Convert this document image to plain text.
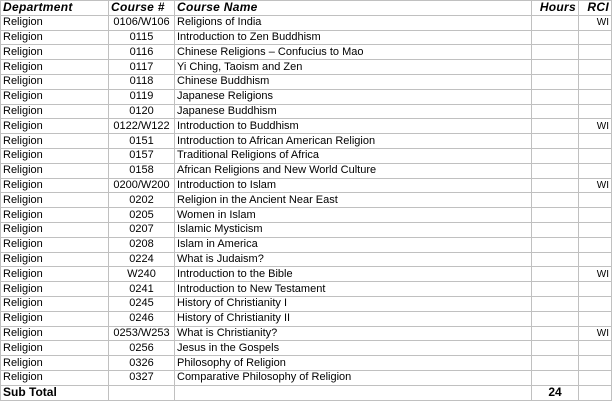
Department	Course #	Course Name	Hours	RCI
Religion	0106/W106	Religions of India		WI
Religion	0115	Introduction to Zen Buddhism		
Religion	0116	Chinese Religions – Confucius to Mao		
Religion	0117	Yi Ching, Taoism and Zen		
Religion	0118	Chinese Buddhism		
Religion	0119	Japanese Religions		
Religion	0120	Japanese Buddhism		
Religion	0122/W122	Introduction to Buddhism		WI
Religion	0151	Introduction to African American Religion		
Religion	0157	Traditional Religions of Africa		
Religion	0158	African Religions and New World Culture		
Religion	0200/W200	Introduction to Islam		WI
Religion	0202	Religion in the Ancient Near East		
Religion	0205	Women in Islam		
Religion	0207	Islamic Mysticism		
Religion	0208	Islam in America		
Religion	0224	What is Judaism?		
Religion	W240	Introduction to the Bible		WI
Religion	0241	Introduction to New Testament		
Religion	0245	History of Christianity I		
Religion	0246	History of Christianity II		
Religion	0253/W253	What is Christianity?		WI
Religion	0256	Jesus in the Gospels		
Religion	0326	Philosophy of Religion		
Religion	0327	Comparative Philosophy of Religion		
Sub Total			24	
